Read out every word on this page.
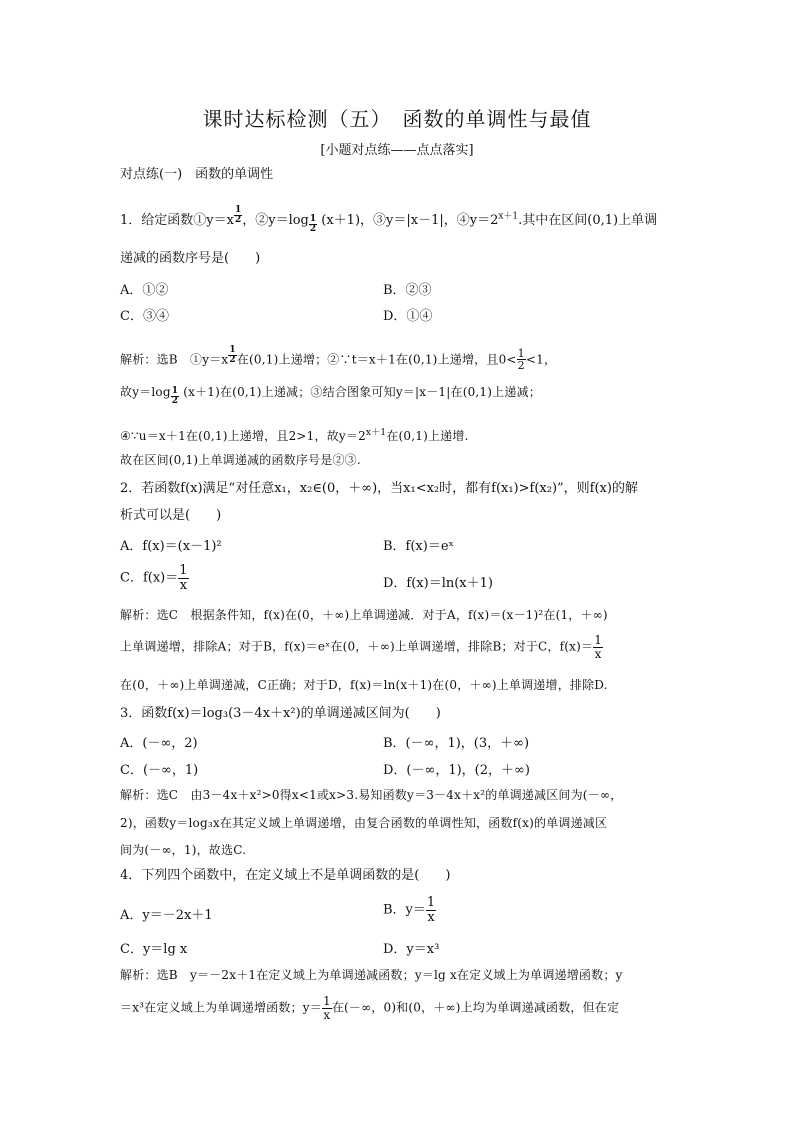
课时达标检测（五）　函数的单调性与最值
[小题对点练——点点落实]
对点练(一)　函数的单调性
1．给定函数①y＝x $^{\frac{1}{2}}$ ，②y＝log $_{\frac{1}{2}}$ (x＋1)，③y＝|x－1|，$④y=2^{x+1}$.其中在区间(0,1)上单调
递减的函数序号是(　　)
A．①②	B．②③
C．③④	D．①④
解析：选B　①y＝x $^{\frac{1}{2}}$ 在(0,1)上递增；②∵t＝x＋1在(0,1)上递增，且$0< \frac{1}{2} <1$，
故y＝log $_{\frac{1}{2}}$ (x＋1)在(0,1)上递减；③结合图象可知y＝|x－1|在(0,1)上递减；
④∵u＝x＋1在(0,1)上递增，且2>1，故$y=2^{x+1}$在(0,1)上递增.
故在区间(0,1)上单调递减的函数序号是②③.
2．若函数f(x)满足“对任意x₁，x₂∈(0，＋∞)，当x₁<x₂时，都有f(x₁)>f(x₂)”，则f(x)的解
析式可以是(　　)
A．f(x)＝(x－1)²	B．f(x)＝eˣ
C．$f(x)= \frac{1}{x}$	D．f(x)＝ln(x＋1)
解析：选C　根据条件知，f(x)在(0，＋∞)上单调递减．对于A，f(x)＝(x－1)²在(1，＋∞)
上单调递增，排除A；对于B，f(x)＝eˣ在(0，＋∞)上单调递增，排除B；对于C，$f(x)= \frac{1}{x}$
在(0，＋∞)上单调递减，C正确；对于D，f(x)＝ln(x＋1)在(0，＋∞)上单调递增，排除D.
3．函数f(x)＝log₃(3－4x＋x²)的单调递减区间为(　　)
A．(－∞，2)	B．(－∞，1)，(3，＋∞)
C．(－∞，1)	D．(－∞，1)，(2，＋∞)
解析：选C　由3－4x＋x²>0得x<1或x>3.易知函数y＝3－4x＋x²的单调递减区间为(－∞，
2)，函数y＝log₃x在其定义域上单调递增，由复合函数的单调性知，函数f(x)的单调递减区
间为(－∞，1)，故选C.
4．下列四个函数中，在定义域上不是单调函数的是(　　)
A．y＝－2x＋1	B．$y= \frac{1}{x}$
C．y＝lg x	D．y＝x³
解析：选B　y＝－2x＋1在定义域上为单调递减函数；y＝lg x在定义域上为单调递增函数；y
＝x³在定义域上为单调递增函数；$y= \frac{1}{x}$ 在(－∞，0)和(0，＋∞)上均为单调递减函数，但在定
